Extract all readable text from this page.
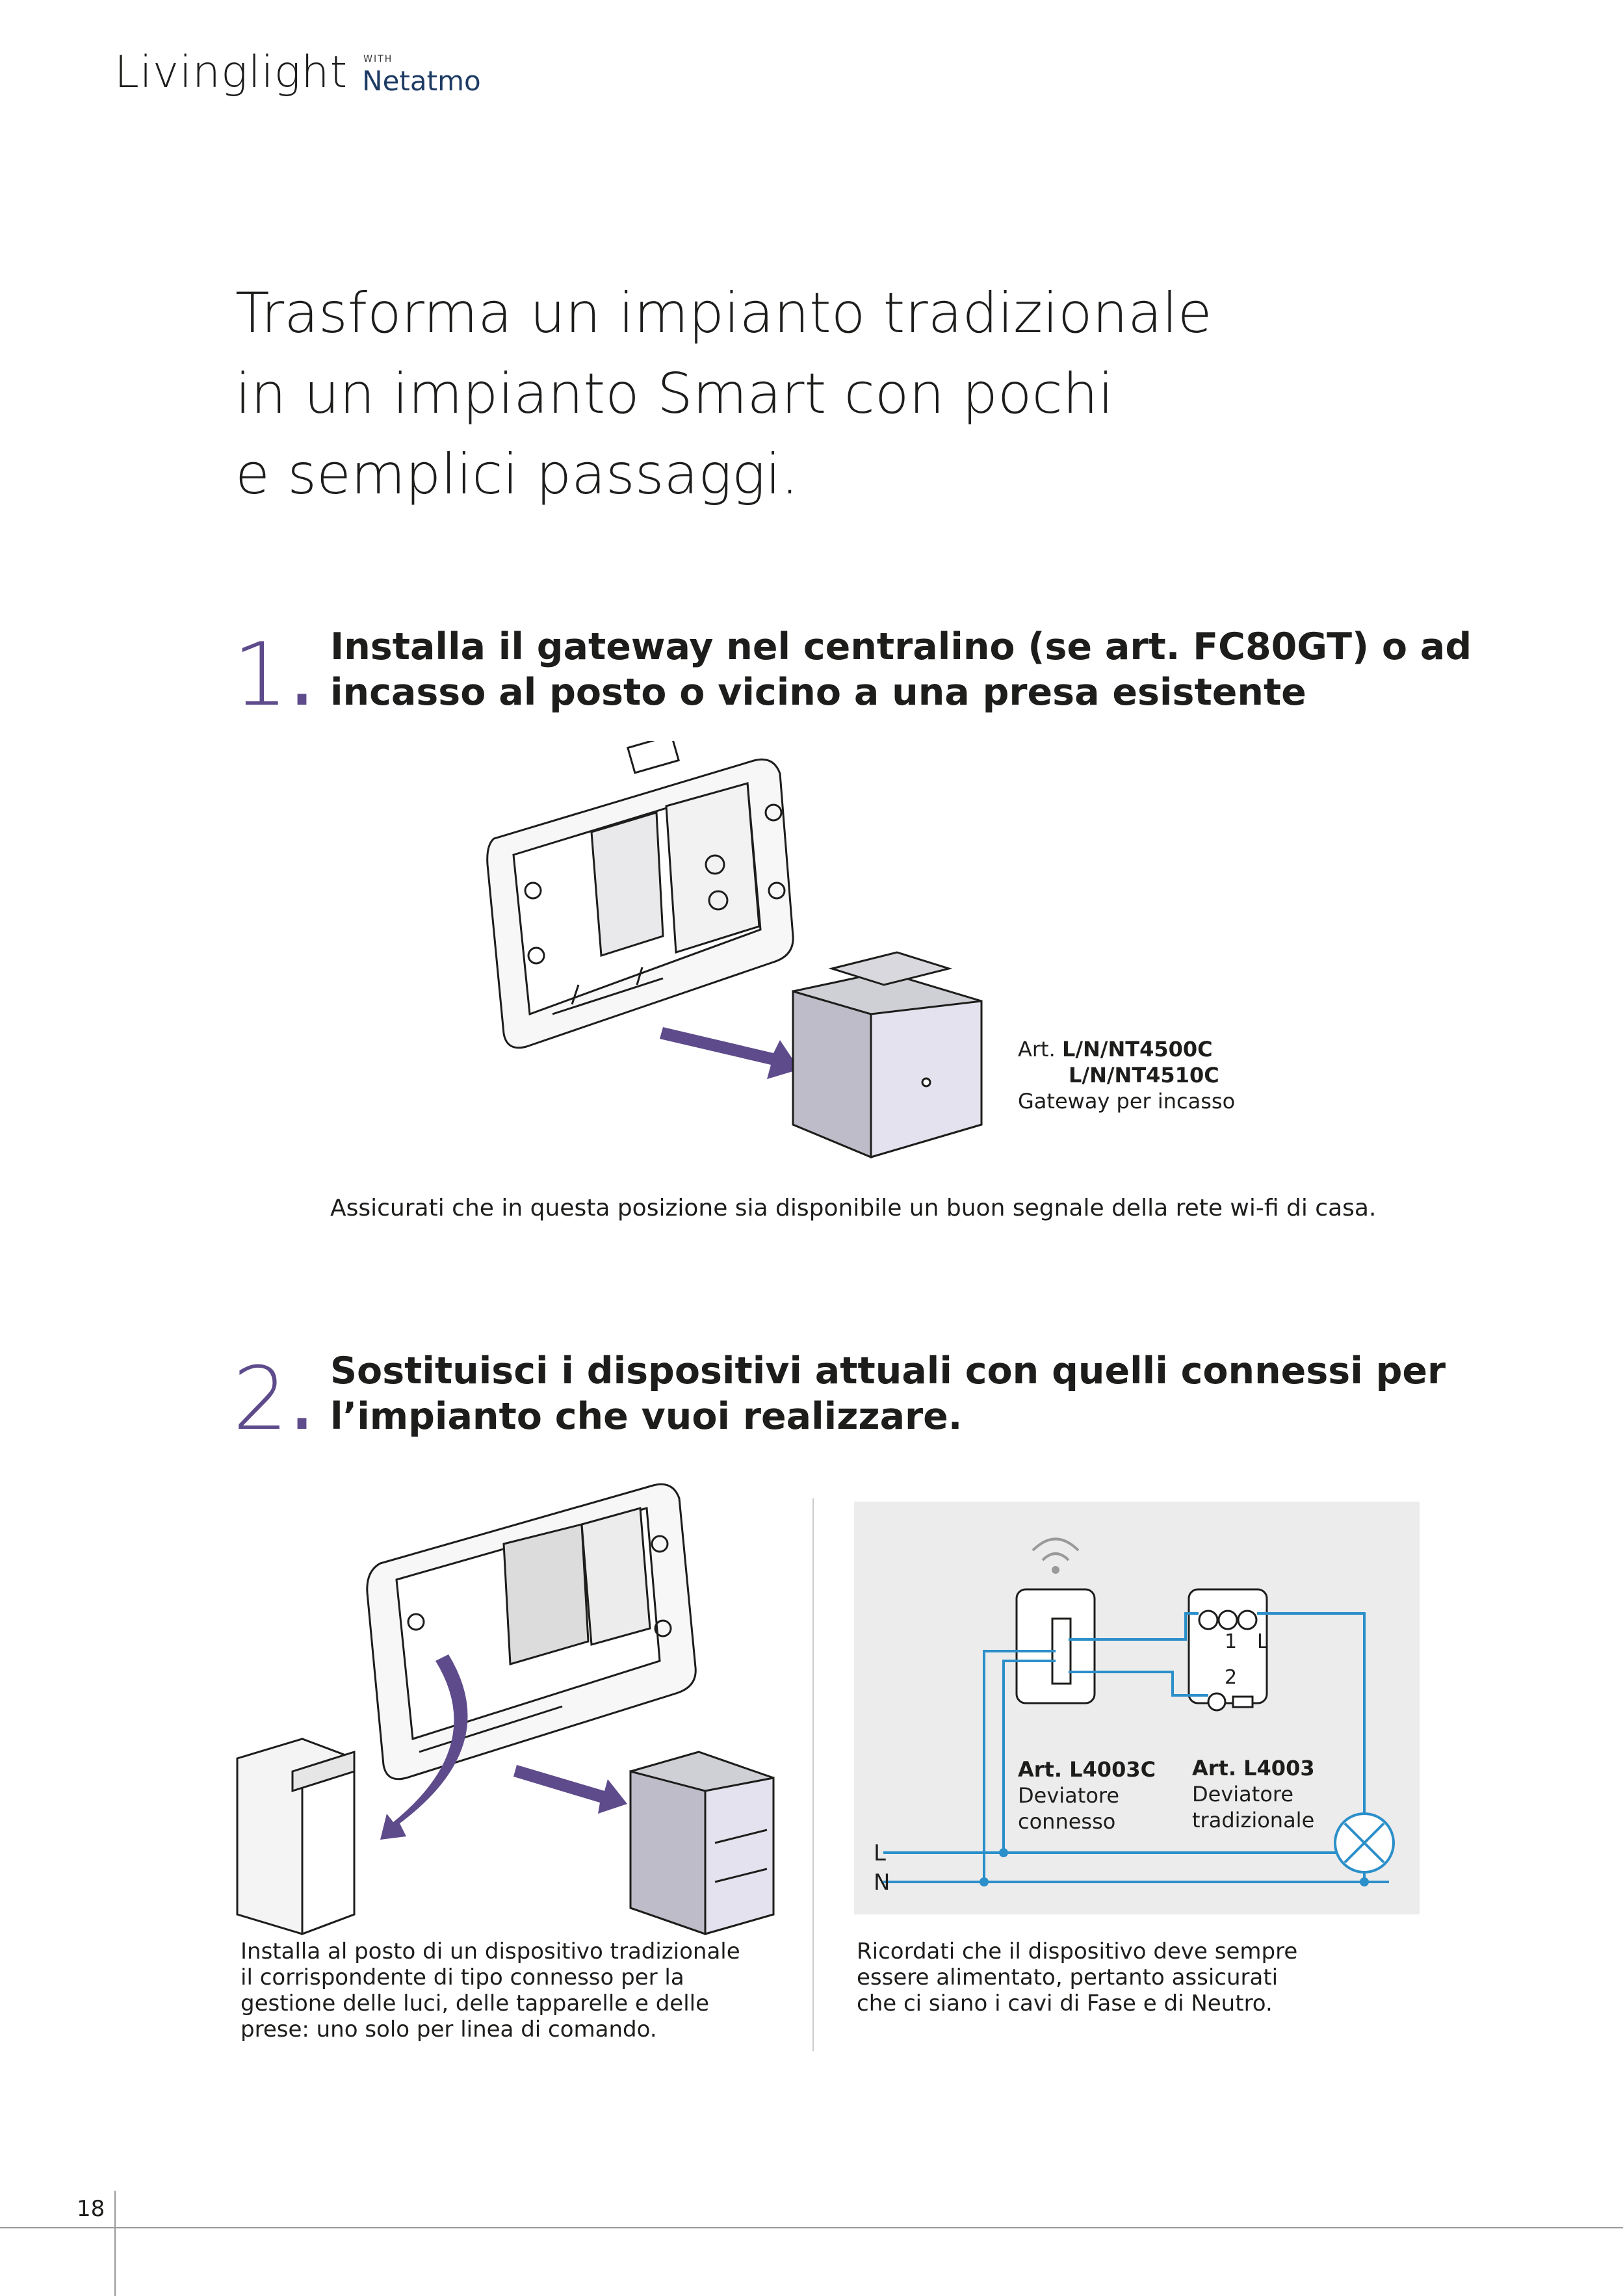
Livinglight WITH
Netatmo
Trasforma un impianto tradizionale
in un impianto Smart con pochi
e semplici passaggi.
1. Installa il gateway nel centralino (se art. FC80GT) o ad
incasso al posto o vicino a una presa esistente
Art. L/N/NT4500C
L/N/NT4510C
Gateway per incasso
Assicurati che in questa posizione sia disponibile un buon segnale della rete wi-fi di casa.
2. Sostituisci i dispositivi attuali con quelli connessi per
l’impianto che vuoi realizzare.
Installa al posto di un dispositivo tradizionale
il corrispondente di tipo connesso per la
gestione delle luci, delle tapparelle e delle
prese: uno solo per linea di comando.
1 L
2
L
N
Art. L4003C
Deviatore
connesso
Art. L4003
Deviatore
tradizionale
Ricordati che il dispositivo deve sempre
essere alimentato, pertanto assicurati
che ci siano i cavi di Fase e di Neutro.
18
